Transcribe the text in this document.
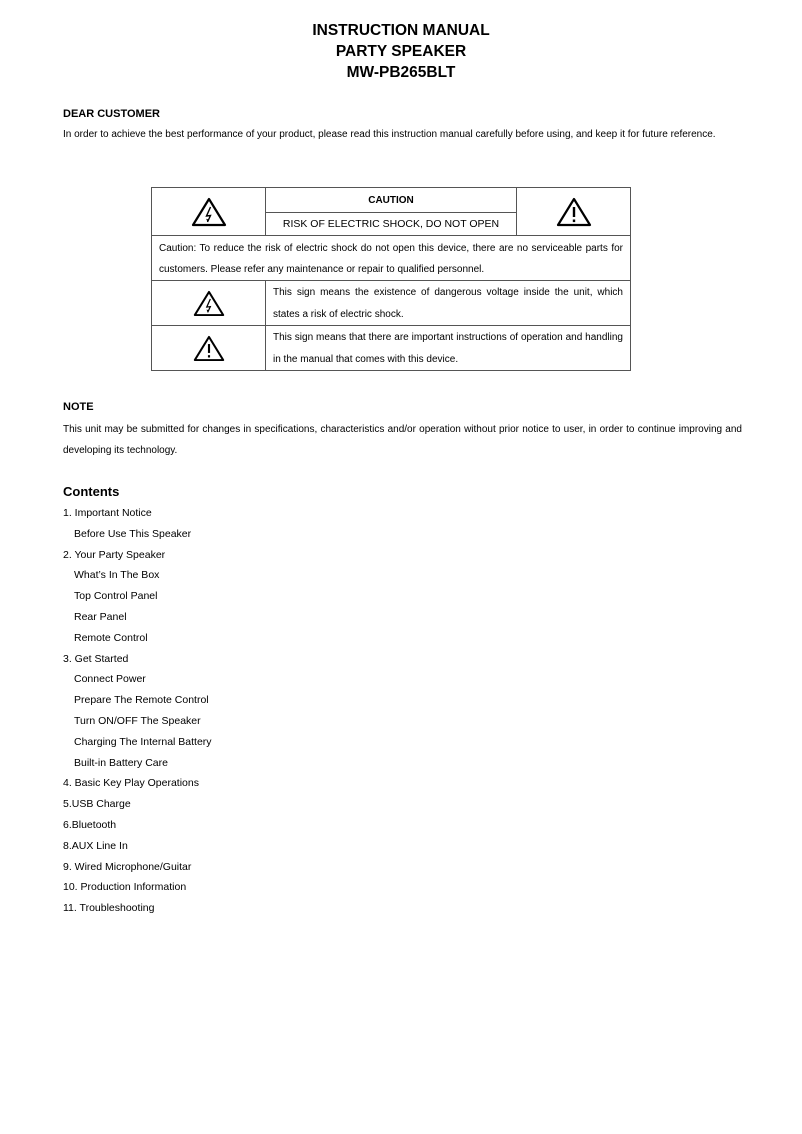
INSTRUCTION MANUAL

PARTY SPEAKER

MW-PB265BLT

DEAR CUSTOMER

In order to achieve the best performance of your product, please read this instruction manual carefully before using, and keep it for future reference.

	CAUTION	

	RISK OF ELECTRIC SHOCK, DO NOT OPEN	
Caution: To reduce the risk of electric shock do not open this device, there are no serviceable parts for customers. Please refer any maintenance or repair to qualified personnel.		

	This sign means the existence of dangerous voltage inside the unit, which states a risk of electric shock.	

	This sign means that there are important instructions of operation and handling in the manual that comes with this device.	

NOTE

This unit may be submitted for changes in specifications, characteristics and/or operation without prior notice to user, in order to continue improving and developing its technology.

Contents

1. Important Notice
Before Use This Speaker
2. Your Party Speaker
What’s In The Box
Top Control Panel
Rear Panel
Remote Control
3. Get Started
Connect Power
Prepare The Remote Control
Turn ON/OFF The Speaker
Charging The Internal Battery
Built-in Battery Care
4. Basic Key Play Operations
5.USB Charge
6.Bluetooth
8.AUX Line In
9. Wired Microphone/Guitar
10. Production Information
11. Troubleshooting
